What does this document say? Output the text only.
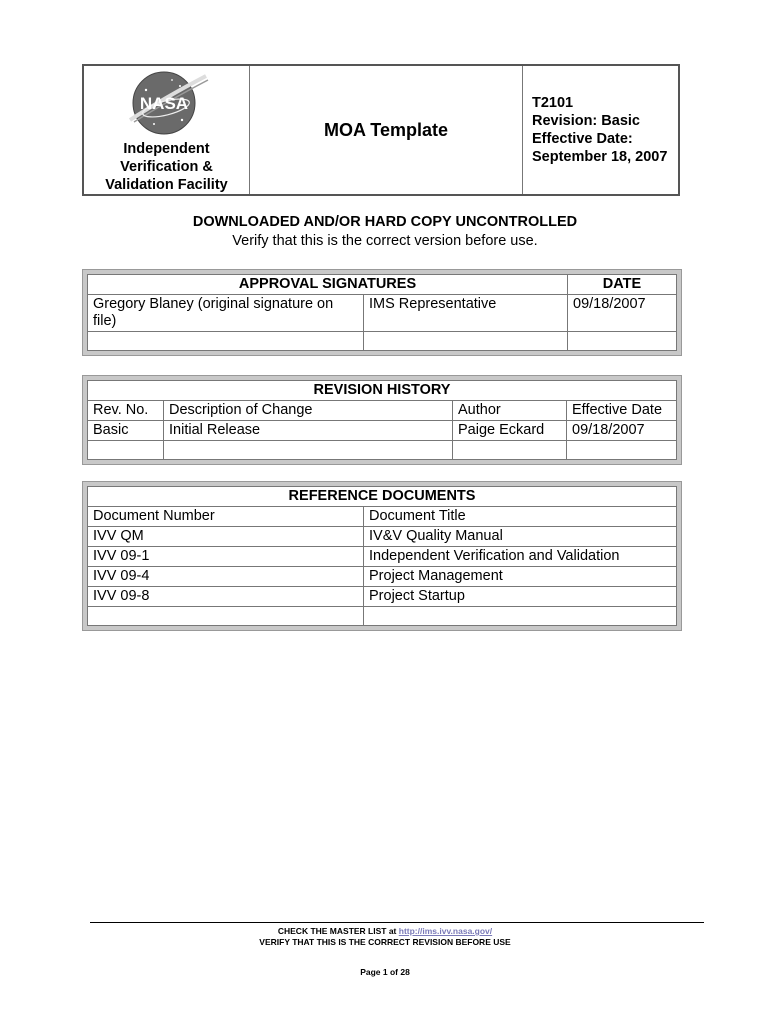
NASA
Independent
Verification &
Validation Facility
MOA Template
T2101
Revision: Basic
Effective Date:
September 18, 2007
DOWNLOADED AND/OR HARD COPY UNCONTROLLED
Verify that this is the correct version before use.
APPROVAL SIGNATURES		DATE
Gregory Blaney (original signature on file)	IMS Representative	09/18/2007

REVISION HISTORY			
Rev. No.	Description of Change	Author	Effective Date
Basic	Initial Release	Paige Eckard	09/18/2007

REFERENCE DOCUMENTS	
Document Number	Document Title
IVV QM	IV&V Quality Manual
IVV 09-1	Independent Verification and Validation
IVV 09-4	Project Management
IVV 09-8	Project Startup

CHECK THE MASTER LIST at http://ims.ivv.nasa.gov/
VERIFY THAT THIS IS THE CORRECT REVISION BEFORE USE
Page 1 of 28
